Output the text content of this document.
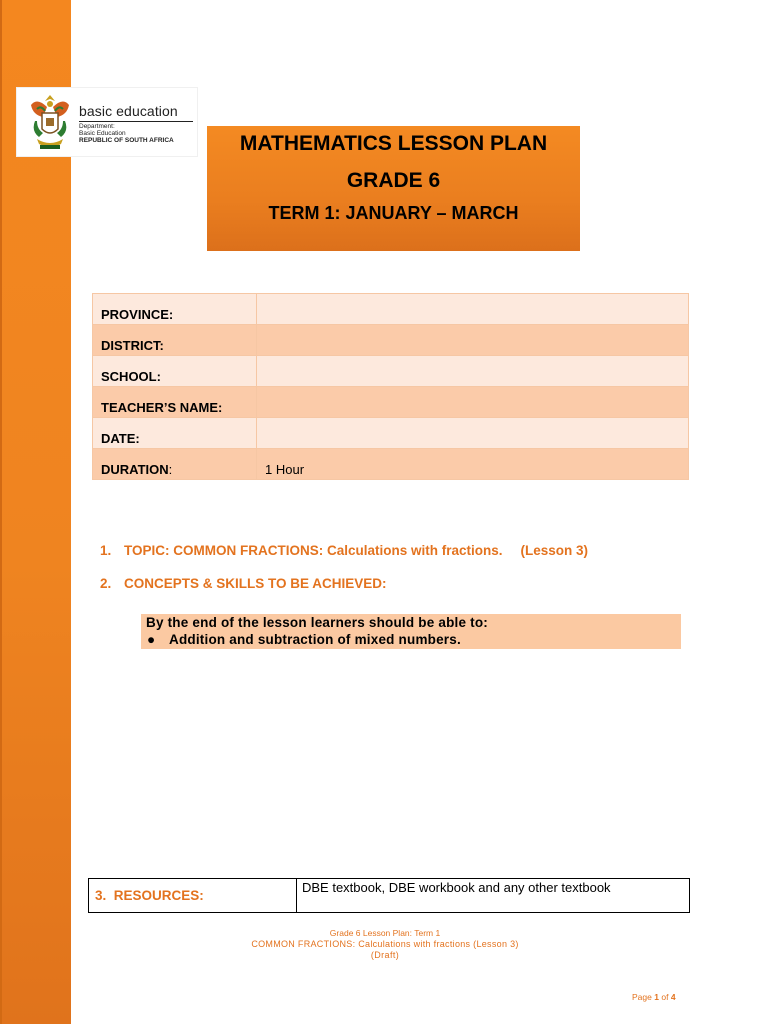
basic education
Department:
Basic Education
REPUBLIC OF SOUTH AFRICA	MATHEMATICS LESSON PLAN
GRADE 6
TERM 1: JANUARY – MARCH
PROVINCE:	
DISTRICT:	
SCHOOL:	
TEACHER’S NAME:	
DATE:	
DURATION:	1 Hour
1. TOPIC: COMMON FRACTIONS: Calculations with fractions. (Lesson 3)
2. CONCEPTS & SKILLS TO BE ACHIEVED:
By the end of the lesson learners should be able to:
● Addition and subtraction of mixed numbers.
3. RESOURCES:	DBE textbook, DBE workbook and any other textbook
Grade 6 Lesson Plan: Term 1
COMMON FRACTIONS: Calculations with fractions (Lesson 3)
(Draft)
Page 1 of 4
